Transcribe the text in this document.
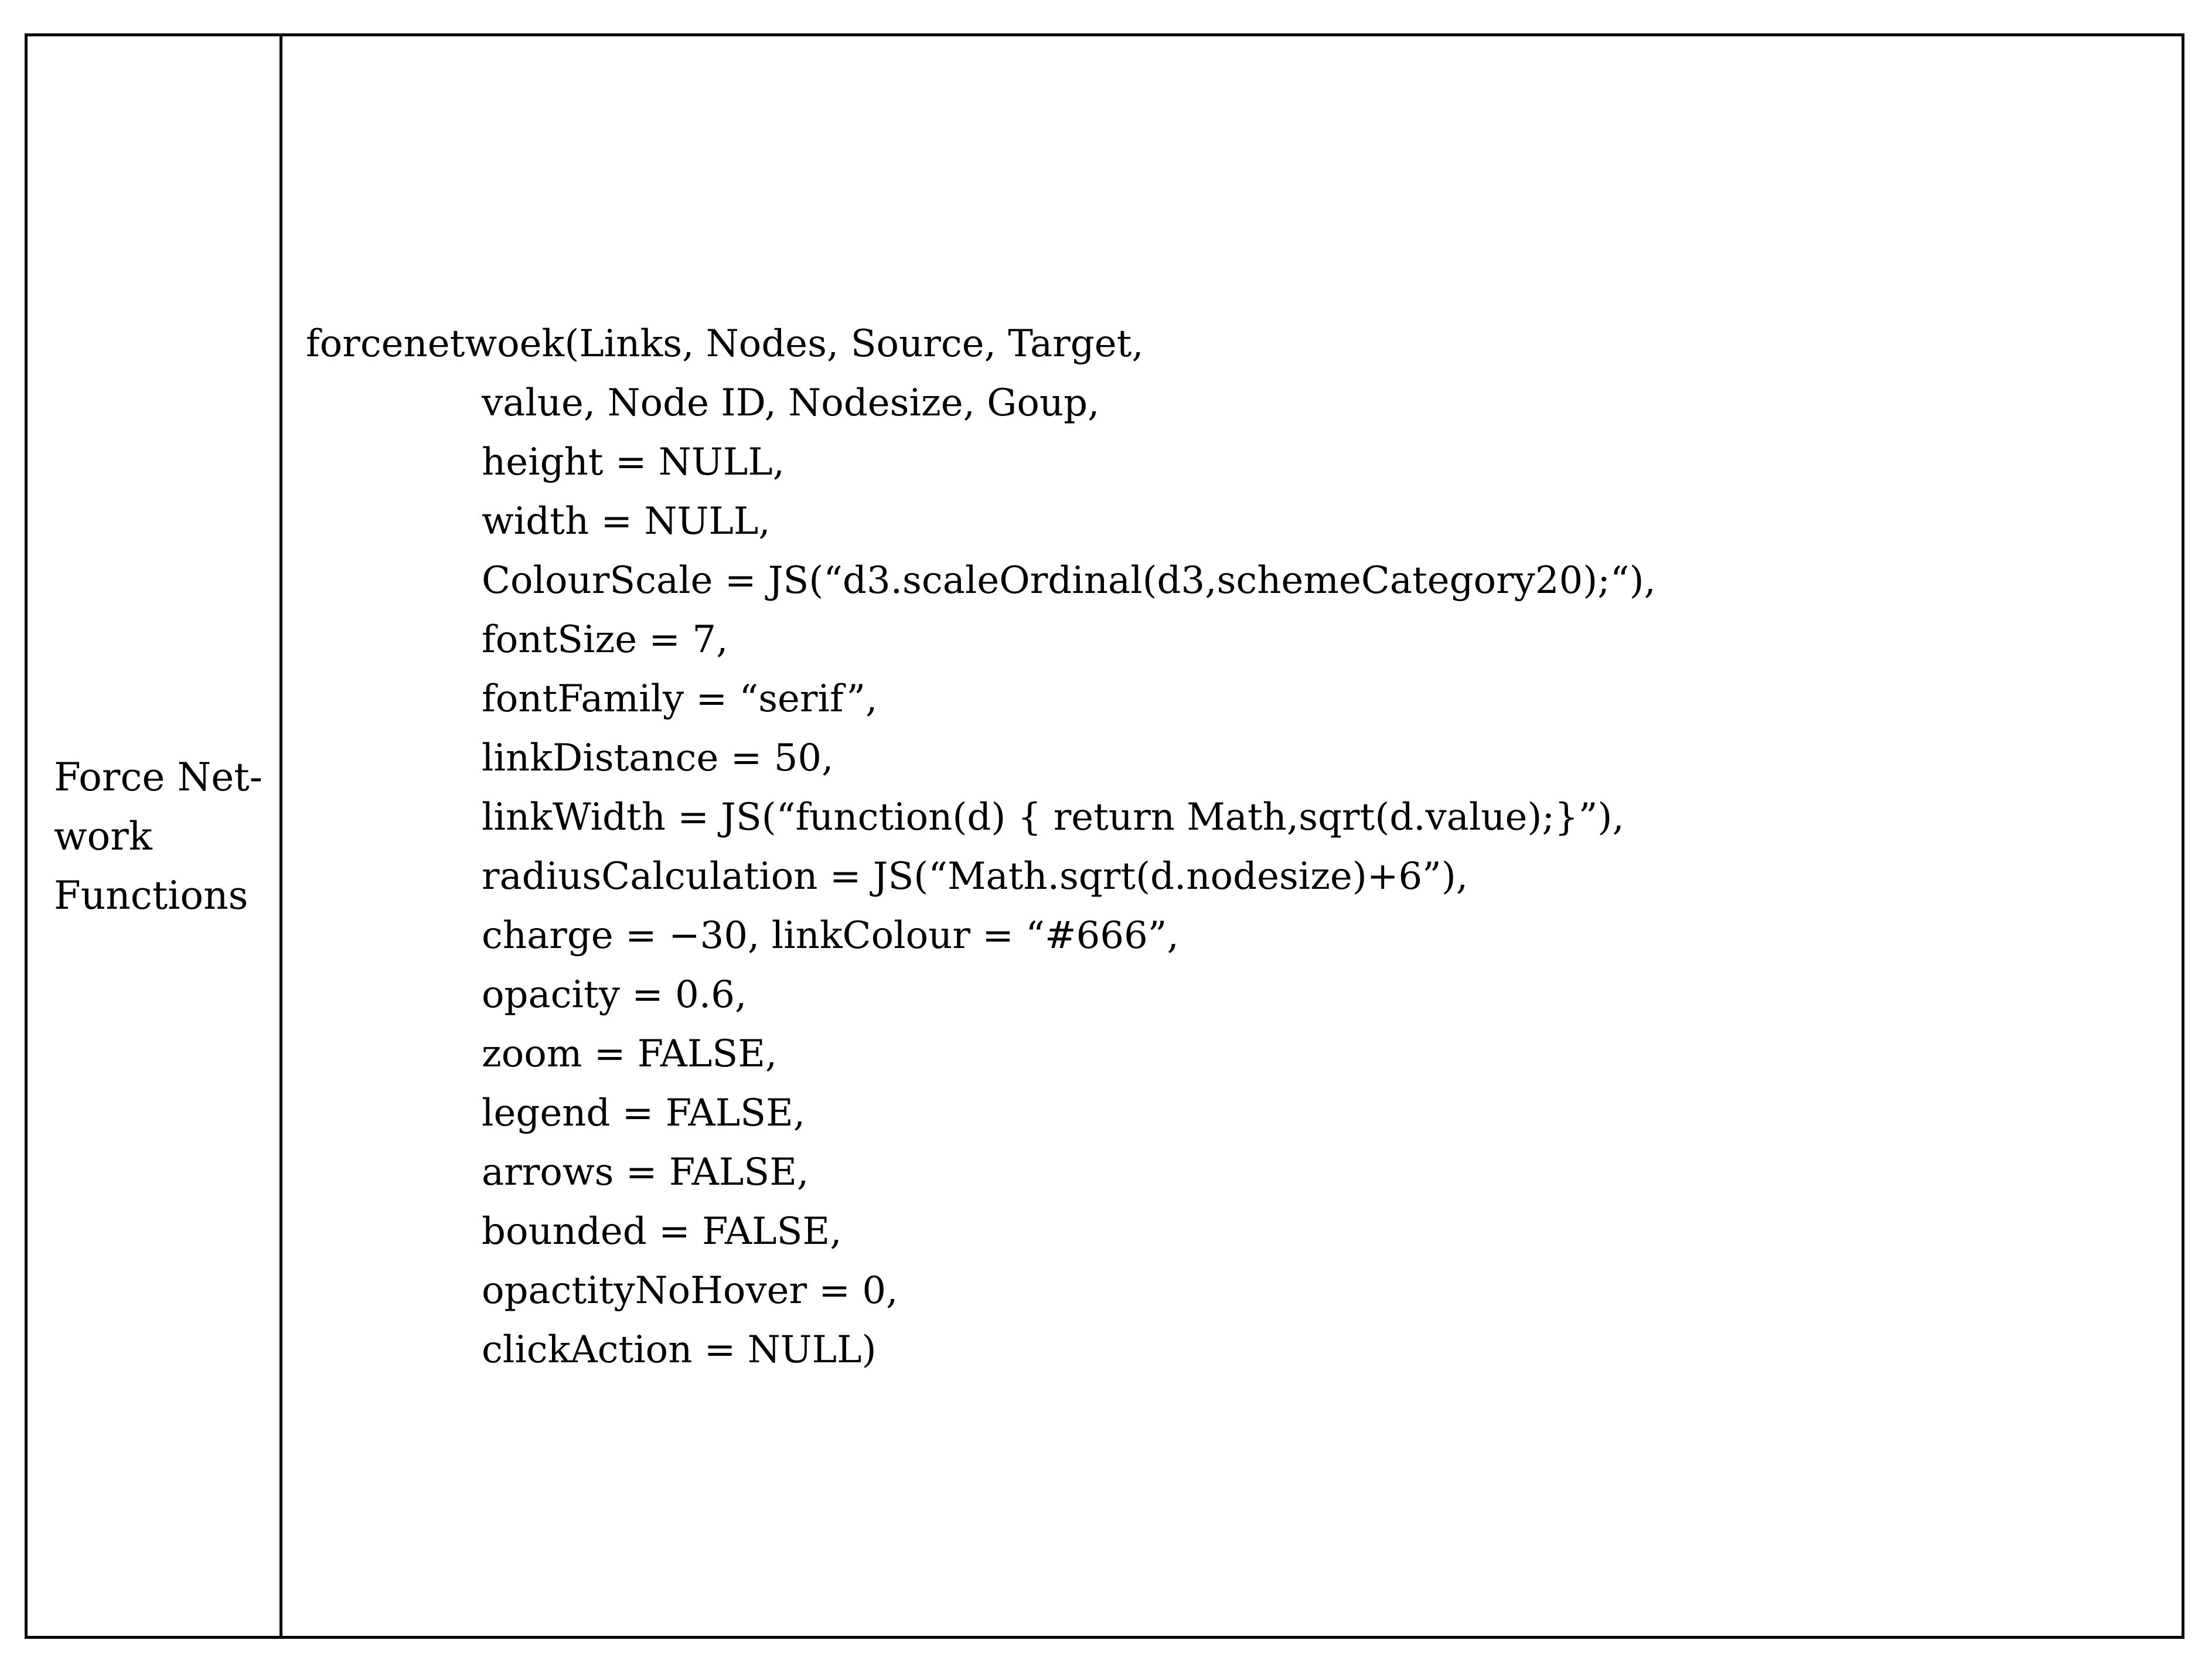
Force Net-
work
Functions
forcenetwoek(Links, Nodes, Source, Target,
value, Node ID, Nodesize, Goup,
height = NULL,
width = NULL,
ColourScale = JS(“d3.scaleOrdinal(d3,schemeCategory20);“),
fontSize = 7,
fontFamily = “serif”,
linkDistance = 50,
linkWidth = JS(“function(d) { return Math,sqrt(d.value);}”),
radiusCalculation = JS(“Math.sqrt(d.nodesize)+6”),
charge = −30, linkColour = “#666”,
opacity = 0.6,
zoom = FALSE,
legend = FALSE,
arrows = FALSE,
bounded = FALSE,
opactityNoHover = 0,
clickAction = NULL)
